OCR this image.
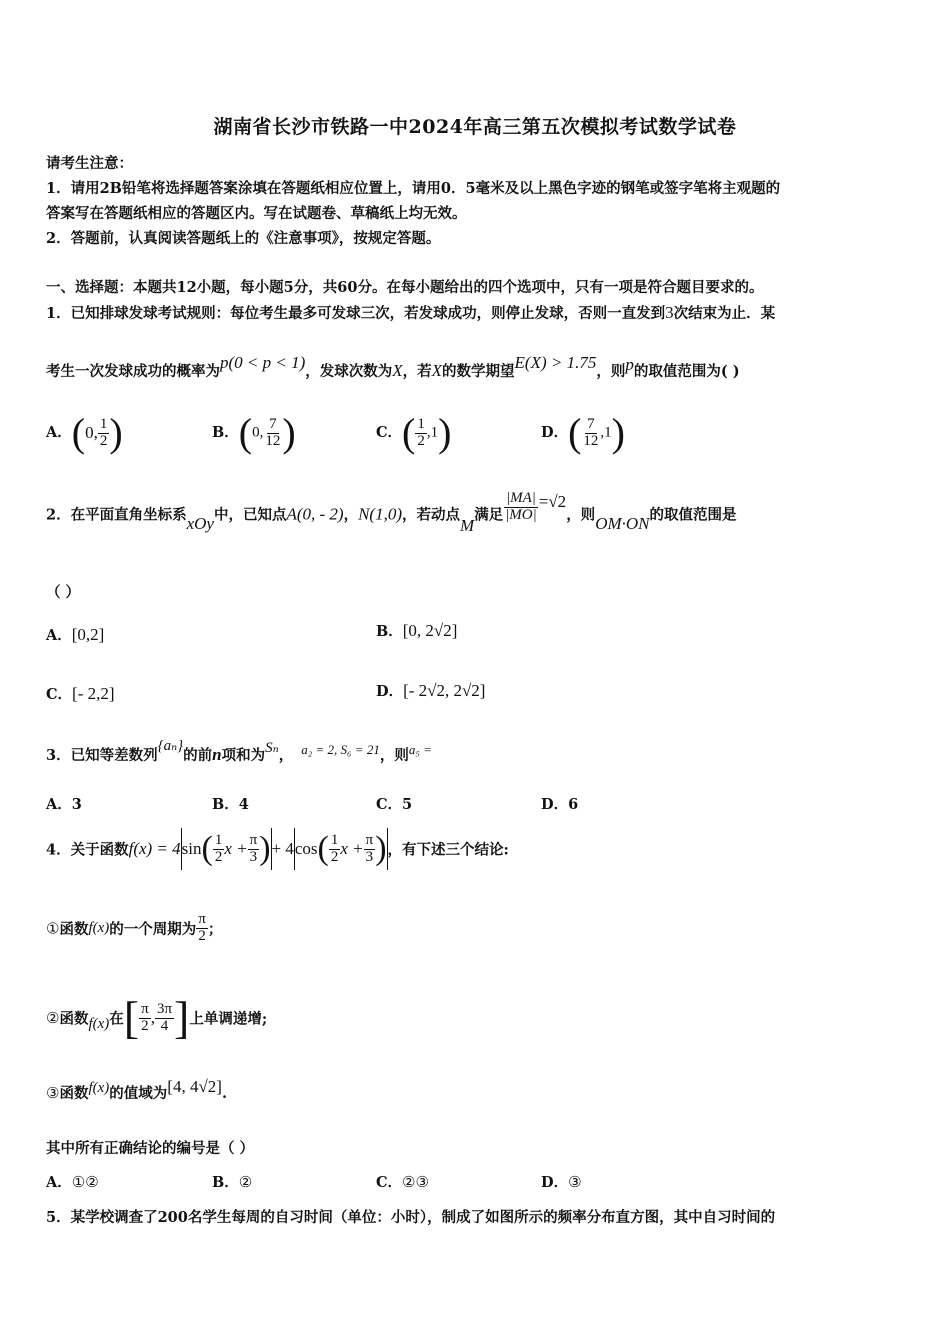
湖南省长沙市铁路一中2024年高三第五次模拟考试数学试卷
请考生注意：
1．请用2B铅笔将选择题答案涂填在答题纸相应位置上，请用0．5毫米及以上黑色字迹的钢笔或签字笔将主观题的
答案写在答题纸相应的答题区内。写在试题卷、草稿纸上均无效。
2．答题前，认真阅读答题纸上的《注意事项》，按规定答题。
一、选择题：本题共12小题，每小题5分，共60分。在每小题给出的四个选项中，只有一项是符合题目要求的。
1．已知排球发球考试规则：每位考生最多可发球三次，若发球成功，则停止发球，否则一直发到3次结束为止．某
考生一次发球成功的概率为p(0 < p < 1)，发球次数为X，若X的数学期望E(X) > 1.75，则p的取值范围为( )
A．(0, $\frac{1}{2}$ )	B．(0, $\frac{7}{12}$ )	C．( $\frac{1}{2} ,1$)	D．( $\frac{7}{12} ,1$)
2．在平面直角坐标系xOy中，已知点A(0, - 2)，N(1,0)，若动点M满足 $\frac{|MA|}{|MO|} =√2$，则OM·ON的取值范围是
（ ）
A．[0,2]	B．[0, 2√2]
C．[- 2,2]	D．[- 2√2, 2√2]
3．已知等差数列{aₙ}的前n项和为Sₙ， a₂ = 2, S₆ = 21，则a₅ =
A．3	B．4	C．5	D．6
4．关于函数$f(x) = 4\sin( \frac{1}{2}$ $x + \frac{\pi}{3}$ )+ $4\cos( \frac{1}{2}$ $x + \frac{\pi}{3}$ )，有下述三个结论:
①函数f(x)的一个周期为 $\frac{\pi}{2}$ ；
②函数f(x)在[ $\frac{\pi}{2}$ , $\frac{3\pi}{4}$ ]上单调递增;
③函数f(x)的值域为[4, 4√2].
其中所有正确结论的编号是（ ）
A．①②	B．②	C．②③	D．③
5．某学校调查了200名学生每周的自习时间（单位：小时），制成了如图所示的频率分布直方图，其中自习时间的
